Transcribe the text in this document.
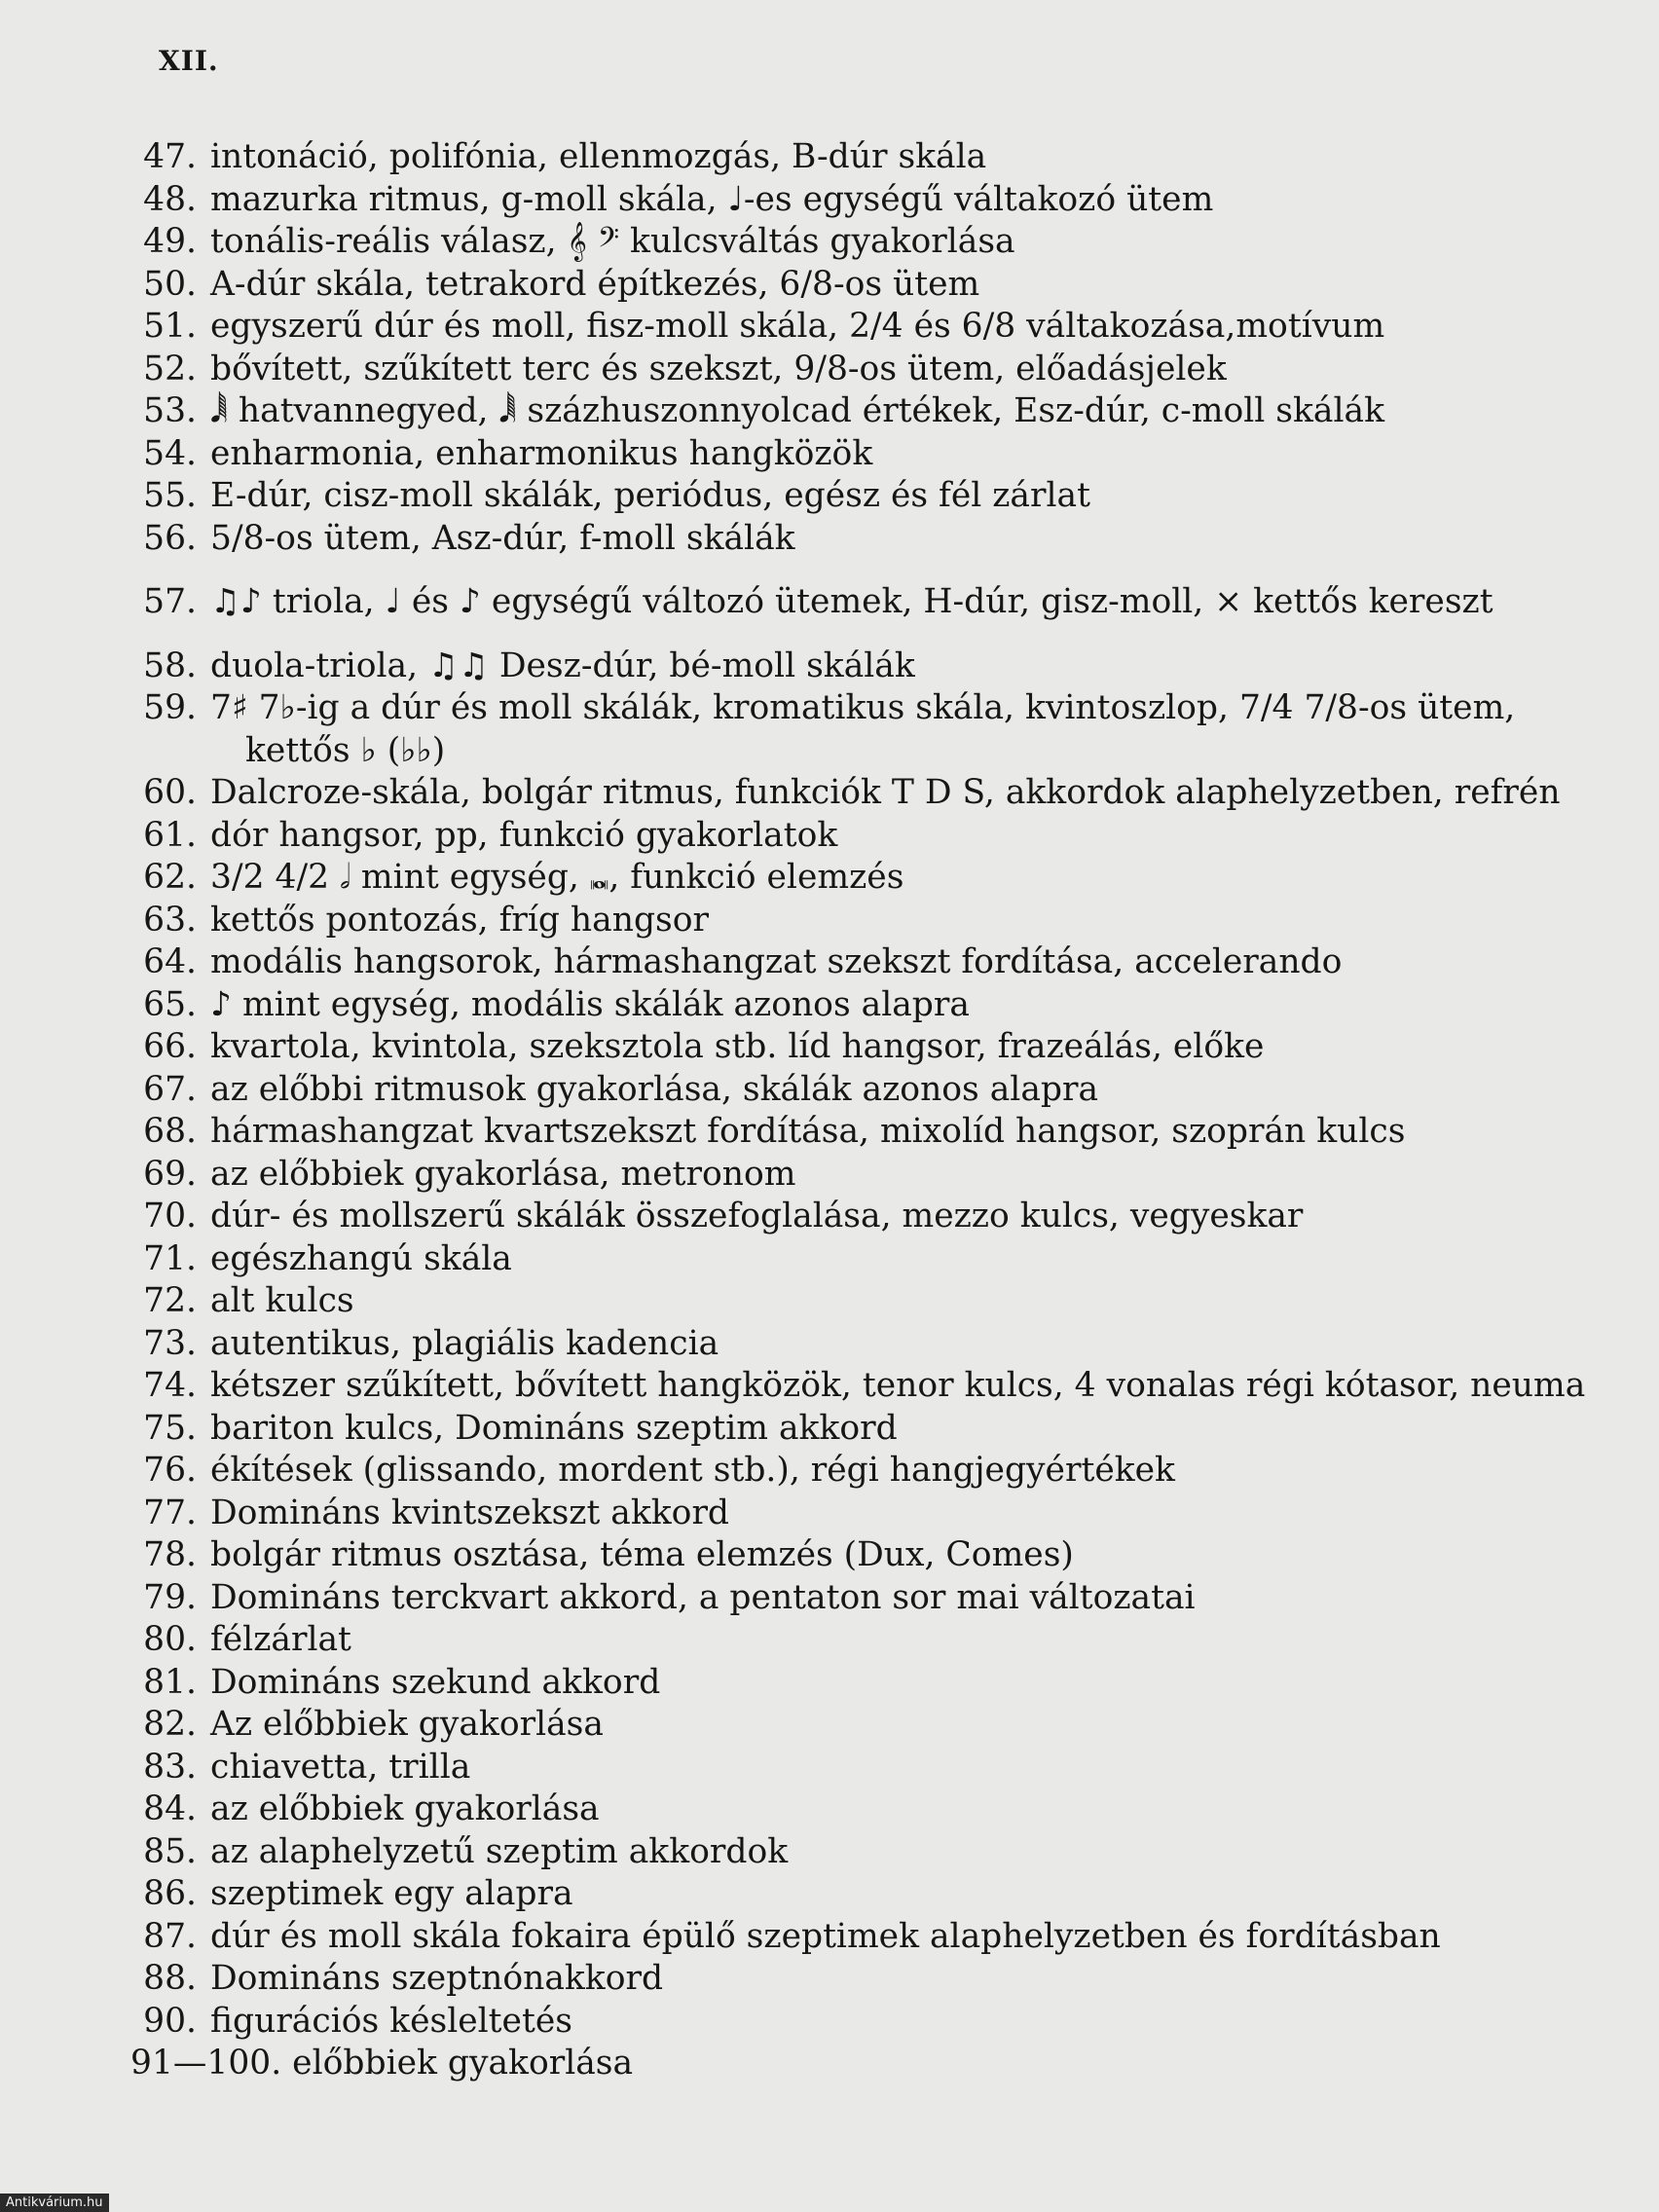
XII.
47. intonáció, polifónia, ellenmozgás, B-dúr skála
48. mazurka ritmus, g-moll skála, ♩-es egységű váltakozó ütem
49. tonális-reális válasz, 𝄞 𝄢 kulcsváltás gyakorlása
50. A-dúr skála, tetrakord építkezés, 6/8-os ütem
51. egyszerű dúr és moll, fisz-moll skála, 2/4 és 6/8 váltakozása,motívum
52. bővített, szűkített terc és szekszt, 9/8-os ütem, előadásjelek
53. 𝅘𝅥𝅲 hatvannegyed, 𝅘𝅥𝅲 százhuszonnyolcad értékek, Esz-dúr, c-moll skálák
54. enharmonia, enharmonikus hangközök
55. E-dúr, cisz-moll skálák, periódus, egész és fél zárlat
56. 5/8-os ütem, Asz-dúr, f-moll skálák
57. ♫♪ triola, ♩ és ♪ egységű változó ütemek, H-dúr, gisz-moll, × kettős kereszt
58. duola-triola, ♫♫ Desz-dúr, bé-moll skálák
59. 7♯ 7♭-ig a dúr és moll skálák, kromatikus skála, kvintoszlop, 7/4 7/8-os ütem,
kettős ♭ (♭♭)
60. Dalcroze-skála, bolgár ritmus, funkciók T D S, akkordok alaphelyzetben, refrén
61. dór hangsor, pp, funkció gyakorlatok
62. 3/2 4/2 𝅗𝅥 mint egység, 𝅜, funkció elemzés
63. kettős pontozás, fríg hangsor
64. modális hangsorok, hármashangzat szekszt fordítása, accelerando
65. ♪ mint egység, modális skálák azonos alapra
66. kvartola, kvintola, szeksztola stb. líd hangsor, frazeálás, előke
67. az előbbi ritmusok gyakorlása, skálák azonos alapra
68. hármashangzat kvartszekszt fordítása, mixolíd hangsor, szoprán kulcs
69. az előbbiek gyakorlása, metronom
70. dúr- és mollszerű skálák összefoglalása, mezzo kulcs, vegyeskar
71. egészhangú skála
72. alt kulcs
73. autentikus, plagiális kadencia
74. kétszer szűkített, bővített hangközök, tenor kulcs, 4 vonalas régi kótasor, neuma
75. bariton kulcs, Domináns szeptim akkord
76. ékítések (glissando, mordent stb.), régi hangjegyértékek
77. Domináns kvintszekszt akkord
78. bolgár ritmus osztása, téma elemzés (Dux, Comes)
79. Domináns terckvart akkord, a pentaton sor mai változatai
80. félzárlat
81. Domináns szekund akkord
82. Az előbbiek gyakorlása
83. chiavetta, trilla
84. az előbbiek gyakorlása
85. az alaphelyzetű szeptim akkordok
86. szeptimek egy alapra
87. dúr és moll skála fokaira épülő szeptimek alaphelyzetben és fordításban
88. Domináns szeptnónakkord
90. figurációs késleltetés
91—100. előbbiek gyakorlása
Antikvárium.hu
